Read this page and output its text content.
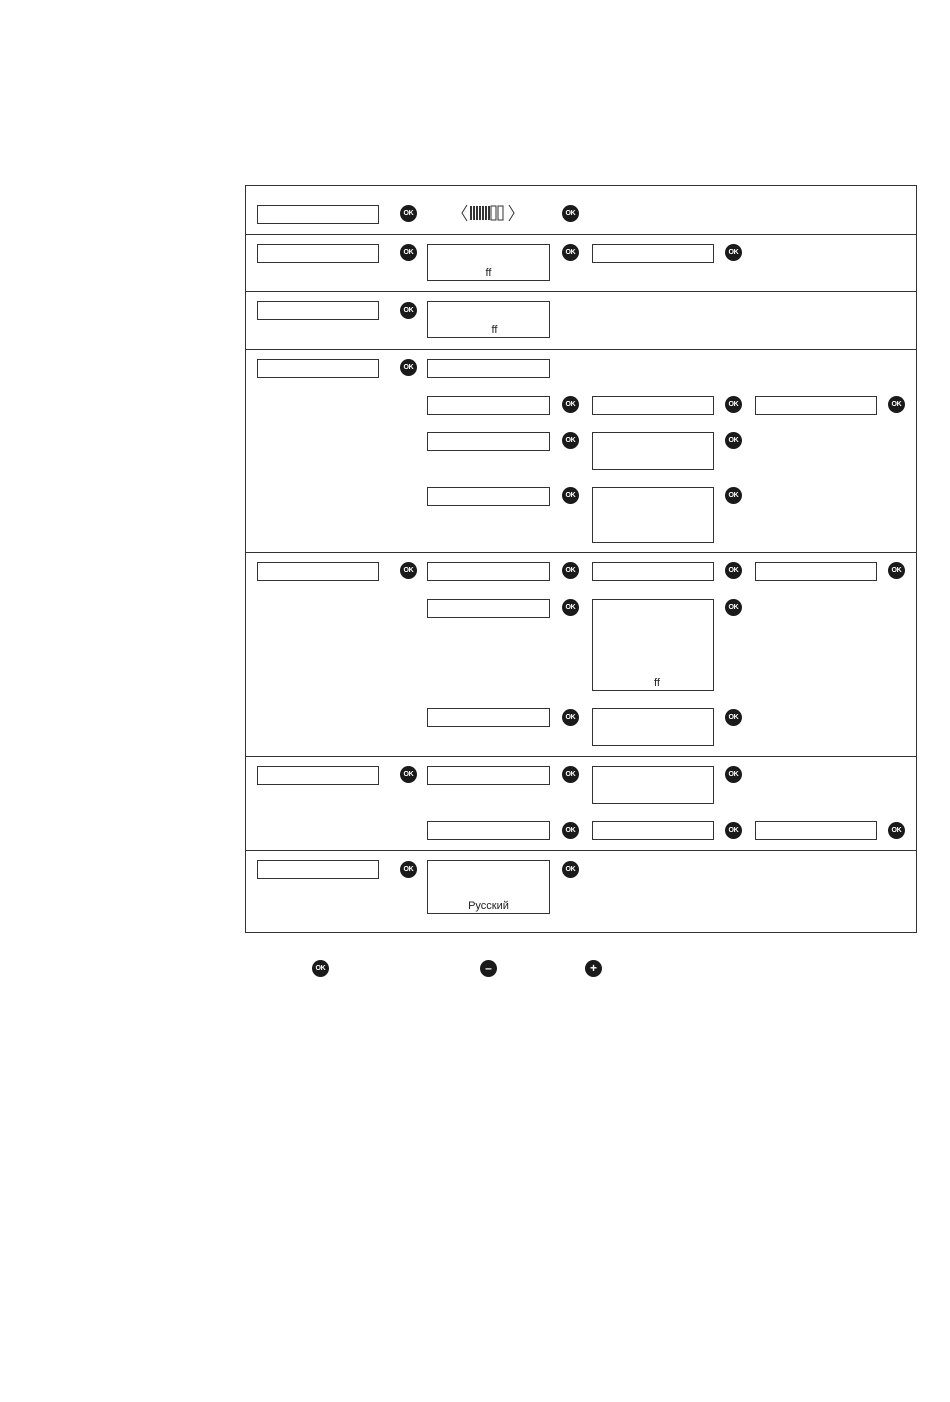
OK	OK
OK
ff
OK	OK
OK
ff
OK
OK	OK	OK
OK	OK
OK	OK
OK	OK	OK	OK
OK
ff
OK
OK	OK
OK	OK	OK
OK	OK	OK
OK
Русский
OK
OK	–	+
